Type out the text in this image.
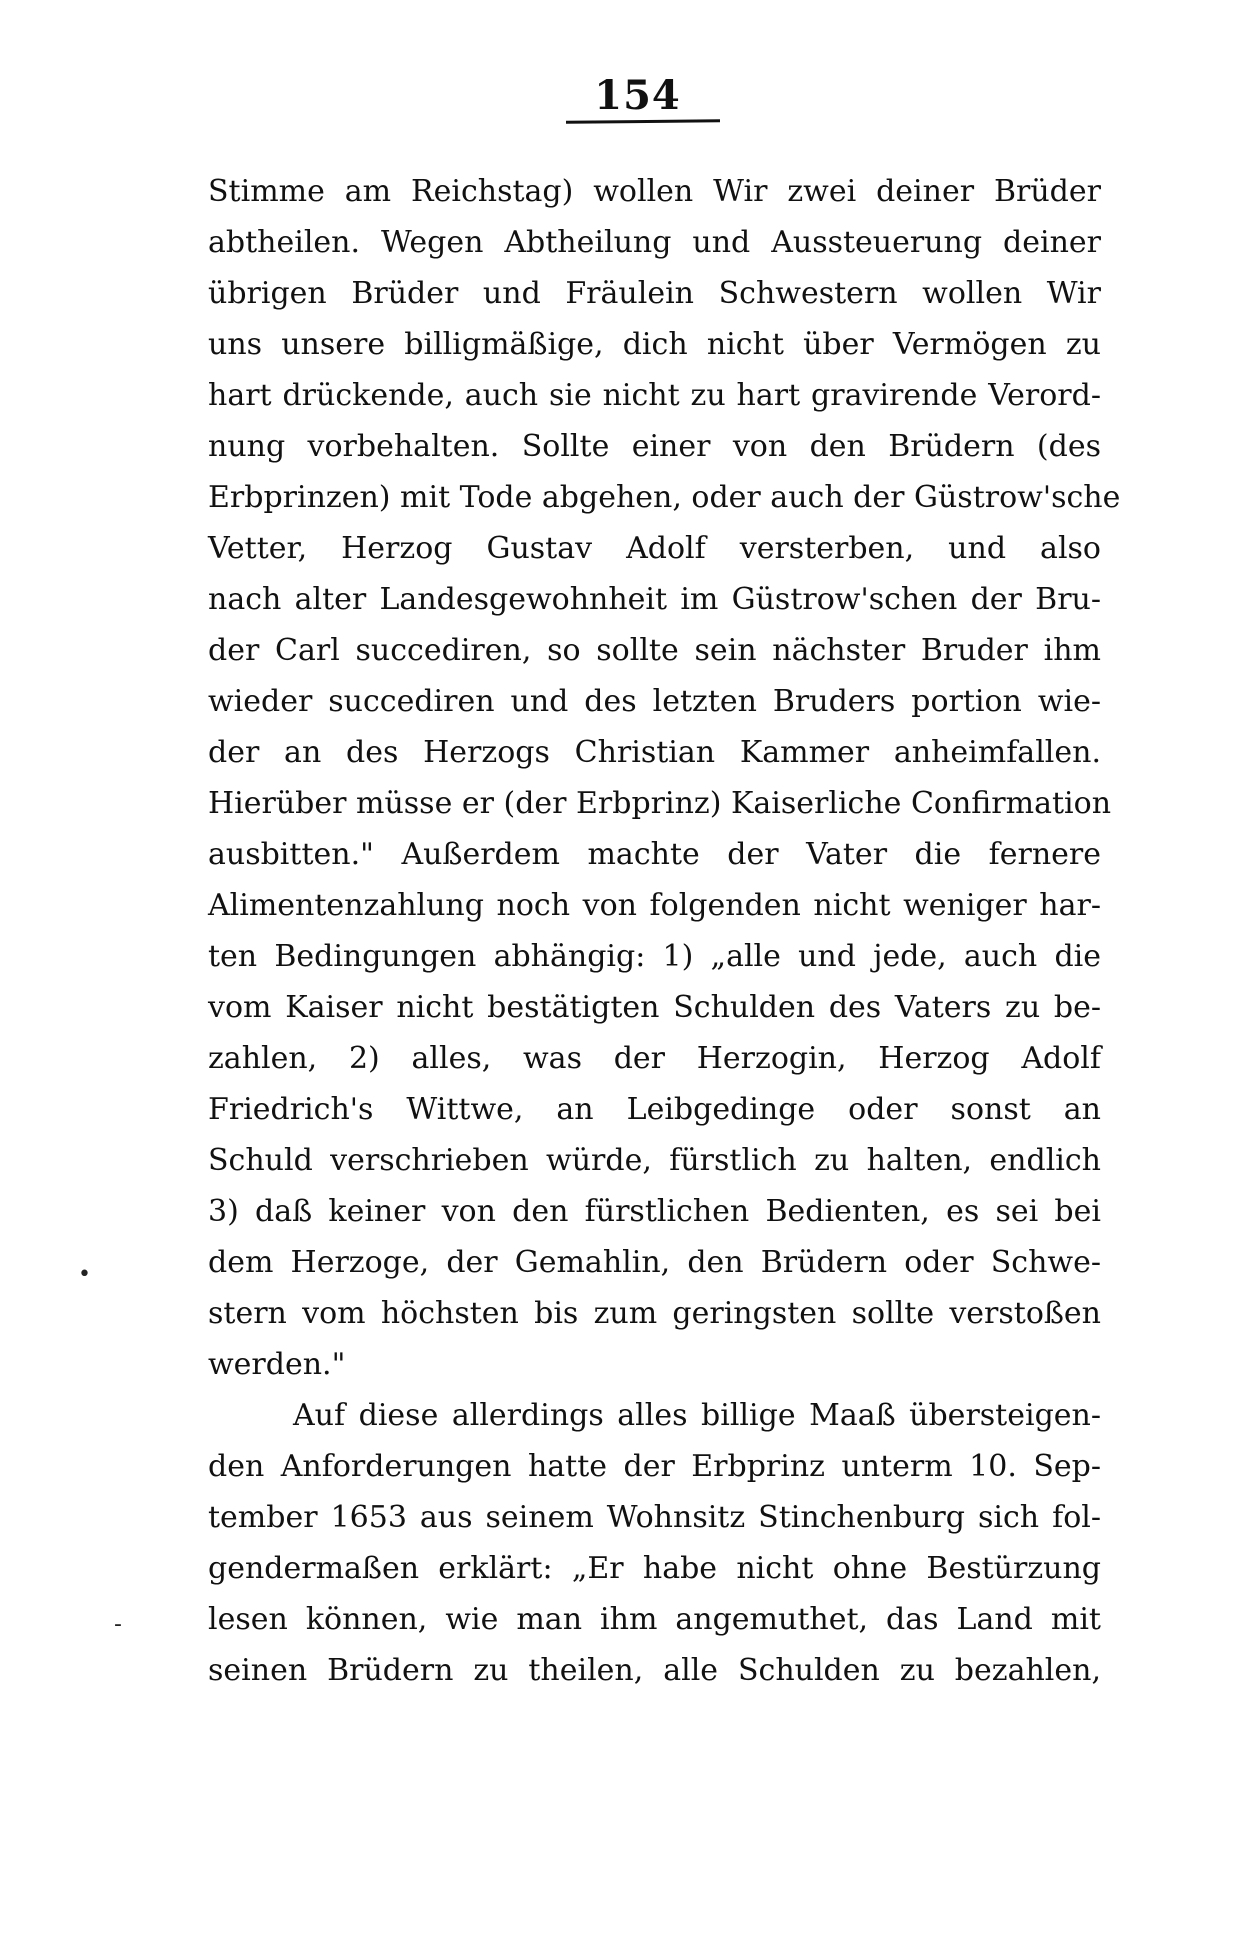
154
Stimme am Reichstag) wollen Wir zwei deiner Brüder
abtheilen. Wegen Abtheilung und Aussteuerung deiner
übrigen Brüder und Fräulein Schwestern wollen Wir
uns unsere billigmäßige, dich nicht über Vermögen zu
hart drückende, auch sie nicht zu hart gravirende Verord-
nung vorbehalten. Sollte einer von den Brüdern (des
Erbprinzen) mit Tode abgehen, oder auch der Güstrow'sche
Vetter, Herzog Gustav Adolf versterben, und also
nach alter Landesgewohnheit im Güstrow'schen der Bru-
der Carl succediren, so sollte sein nächster Bruder ihm
wieder succediren und des letzten Bruders portion wie-
der an des Herzogs Christian Kammer anheimfallen.
Hierüber müsse er (der Erbprinz) Kaiserliche Confirmation
ausbitten." Außerdem machte der Vater die fernere
Alimentenzahlung noch von folgenden nicht weniger har-
ten Bedingungen abhängig: 1) „alle und jede, auch die
vom Kaiser nicht bestätigten Schulden des Vaters zu be-
zahlen, 2) alles, was der Herzogin, Herzog Adolf
Friedrich's Wittwe, an Leibgedinge oder sonst an
Schuld verschrieben würde, fürstlich zu halten, endlich
3) daß keiner von den fürstlichen Bedienten, es sei bei
dem Herzoge, der Gemahlin, den Brüdern oder Schwe-
stern vom höchsten bis zum geringsten sollte verstoßen
werden."
Auf diese allerdings alles billige Maaß übersteigen-
den Anforderungen hatte der Erbprinz unterm 10. Sep-
tember 1653 aus seinem Wohnsitz Stinchenburg sich fol-
gendermaßen erklärt: „Er habe nicht ohne Bestürzung
lesen können, wie man ihm angemuthet, das Land mit
seinen Brüdern zu theilen, alle Schulden zu bezahlen,
•
-
